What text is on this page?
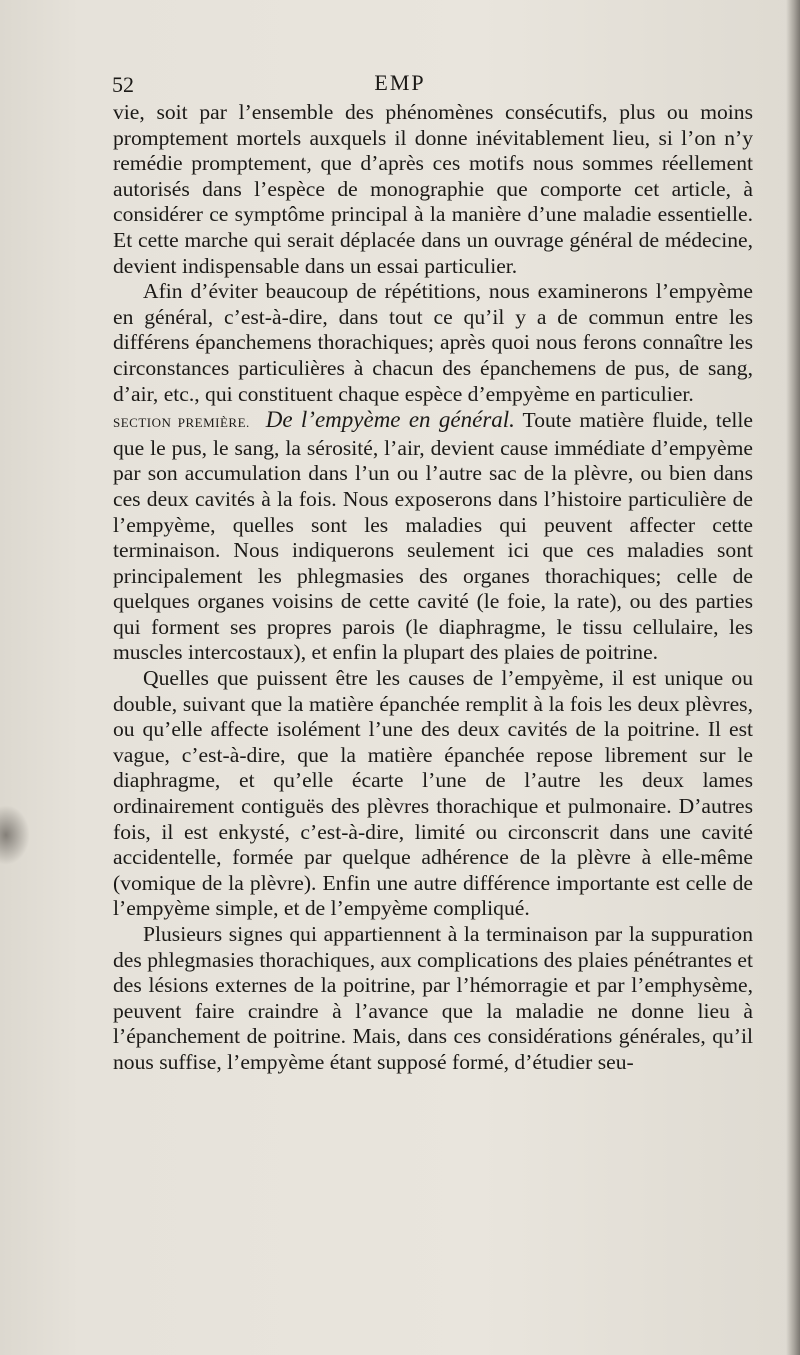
52	EMP

vie, soit par l’ensemble des phénomènes consécutifs, plus ou moins promptement mortels auxquels il donne inévitablement lieu, si l’on n’y remédie promptement, que d’après ces motifs nous sommes réellement autorisés dans l’espèce de monographie que comporte cet article, à considérer ce symptôme principal à la manière d’une maladie essentielle. Et cette marche qui serait déplacée dans un ouvrage général de médecine, devient indispensable dans un essai particulier.

Afin d’éviter beaucoup de répétitions, nous examinerons l’empyème en général, c’est-à-dire, dans tout ce qu’il y a de commun entre les différens épanchemens thorachiques; après quoi nous ferons connaître les circonstances particulières à chacun des épanchemens de pus, de sang, d’air, etc., qui constituent chaque espèce d’empyème en particulier.

SECTION PREMIÈRE. De l’empyème en général. Toute matière fluide, telle que le pus, le sang, la sérosité, l’air, devient cause immédiate d’empyème par son accumulation dans l’un ou l’autre sac de la plèvre, ou bien dans ces deux cavités à la fois. Nous exposerons dans l’histoire particulière de l’empyème, quelles sont les maladies qui peuvent affecter cette terminaison. Nous indiquerons seulement ici que ces maladies sont principalement les phlegmasies des organes thorachiques; celle de quelques organes voisins de cette cavité (le foie, la rate), ou des parties qui forment ses propres parois (le diaphragme, le tissu cellulaire, les muscles intercostaux), et enfin la plupart des plaies de poitrine.

Quelles que puissent être les causes de l’empyème, il est unique ou double, suivant que la matière épanchée remplit à la fois les deux plèvres, ou qu’elle affecte isolément l’une des deux cavités de la poitrine. Il est vague, c’est-à-dire, que la matière épanchée repose librement sur le diaphragme, et qu’elle écarte l’une de l’autre les deux lames ordinairement contiguës des plèvres thorachique et pulmonaire. D’autres fois, il est enkysté, c’est-à-dire, limité ou circonscrit dans une cavité accidentelle, formée par quelque adhérence de la plèvre à elle-même (vomique de la plèvre). Enfin une autre différence importante est celle de l’empyème simple, et de l’empyème compliqué.

Plusieurs signes qui appartiennent à la terminaison par la suppuration des phlegmasies thorachiques, aux complications des plaies pénétrantes et des lésions externes de la poitrine, par l’hémorragie et par l’emphysème, peuvent faire craindre à l’avance que la maladie ne donne lieu à l’épanchement de poitrine. Mais, dans ces considérations générales, qu’il nous suffise, l’empyème étant supposé formé, d’étudier seu-
